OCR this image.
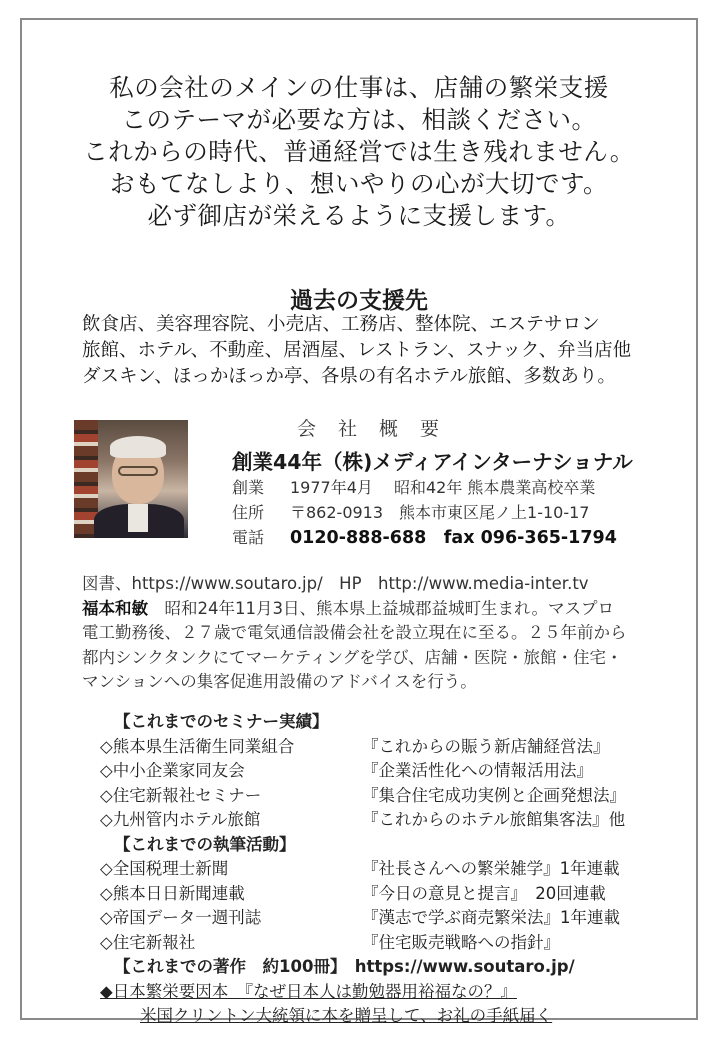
私の会社のメインの仕事は、店舗の繁栄支援
このテーマが必要な方は、相談ください。
これからの時代、普通経営では生き残れません。
おもてなしより、想いやりの心が大切です。
必ず御店が栄えるように支援します。
過去の支援先
飲食店、美容理容院、小売店、工務店、整体院、エステサロン
旅館、ホテル、不動産、居酒屋、レストラン、スナック、弁当店他
ダスキン、ほっかほっか亭、各県の有名ホテル旅館、多数あり。
会社概要
創業44年（株)メディアインターナショナル
創業 1977年4月　 昭和42年 熊本農業高校卒業
住所 〒862-0913　熊本市東区尾ノ上1-10-17
電話 0120-888-688　fax 096-365-1794
図書、https://www.soutaro.jp/　HP　http://www.media-inter.tv
福本和敏　 昭和24年11月3日、熊本県上益城郡益城町生まれ。マスプロ
電工勤務後、２７歳で電気通信設備会社を設立現在に至る。２５年前から
都内シンクタンクにてマーケティングを学び、店舗・医院・旅館・住宅・
マンションへの集客促進用設備のアドバイスを行う。
【これまでのセミナー実績】
◇熊本県生活衛生同業組合	『これからの賑う新店舗経営法』
◇中小企業家同友会	『企業活性化への情報活用法』
◇住宅新報社セミナー	『集合住宅成功実例と企画発想法』
◇九州管内ホテル旅館	『これからのホテル旅館集客法』他
【これまでの執筆活動】
◇全国税理士新聞	『社長さんへの繁栄雑学』1年連載
◇熊本日日新聞連載	『今日の意見と提言』　20回連載
◇帝国データ一週刊誌	『漢志で学ぶ商売繁栄法』1年連載
◇住宅新報社	『住宅販売戦略への指針』
【これまでの著作　約100冊】　https://www.soutaro.jp/
◆日本繁栄要因本　『なぜ日本人は勤勉器用裕福なの？』
米国クリントン大統領に本を贈呈して、お礼の手紙届く
